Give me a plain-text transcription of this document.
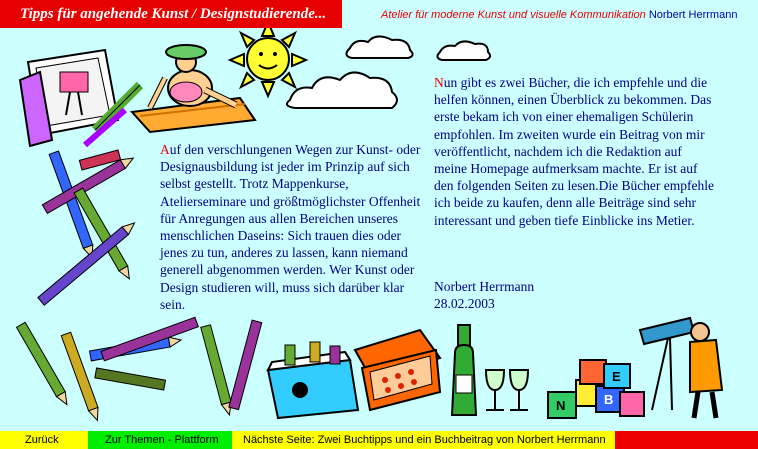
N	B
E
Tipps für angehende Kunst / Designstudierende...	Atelier für moderne Kunst und visuelle Kommunikation Norbert Herrmann
Auf den verschlungenen Wegen zur Kunst- oder Designausbildung ist jeder im Prinzip auf sich selbst gestellt. Trotz Mappenkurse, Atelierseminare und größtmöglichster Offenheit für Anregungen aus allen Bereichen unseres menschlichen Daseins: Sich trauen dies oder jenes zu tun, anderes zu lassen, kann niemand generell abgenommen werden. Wer Kunst oder Design studieren will, muss sich darüber klar sein.
Nun gibt es zwei Bücher, die ich empfehle und die helfen können, einen Überblick zu bekommen. Das erste bekam ich von einer ehemaligen Schülerin empfohlen. Im zweiten wurde ein Beitrag von mir veröffentlicht, nachdem ich die Redaktion auf meine Homepage aufmerksam machte. Er ist auf den folgenden Seiten zu lesen.Die Bücher empfehle ich beide zu kaufen, denn alle Beiträge sind sehr interessant und geben tiefe Einblicke ins Metier.
Norbert Herrmann
28.02.2003
Zurück	Zur Themen - Plattform	Nächste Seite: Zwei Buchtipps und ein Buchbeitrag von Norbert Herrmann
